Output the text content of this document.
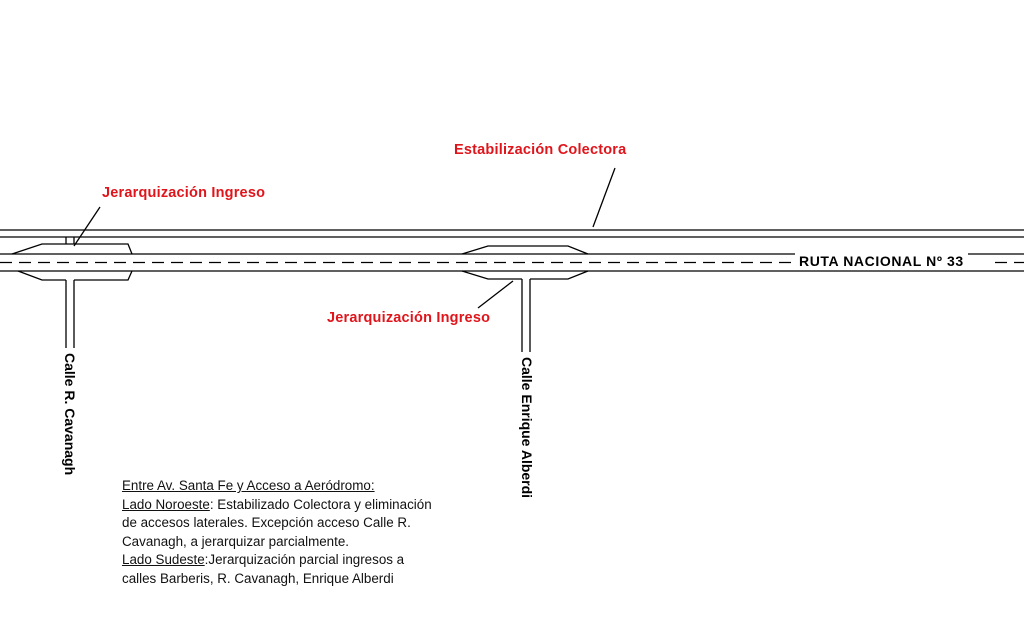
Estabilización Colectora
Jerarquización Ingreso
Jerarquización Ingreso
RUTA NACIONAL Nº 33
Calle R. Cavanagh	Calle Enrique Alberdi
Entre Av. Santa Fe y Acceso a Aeródromo:
Lado Noroeste: Estabilizado Colectora y eliminación
de accesos laterales. Excepción acceso Calle R.
Cavanagh, a jerarquizar parcialmente.
Lado Sudeste:Jerarquización parcial ingresos a
calles Barberis, R. Cavanagh, Enrique Alberdi
